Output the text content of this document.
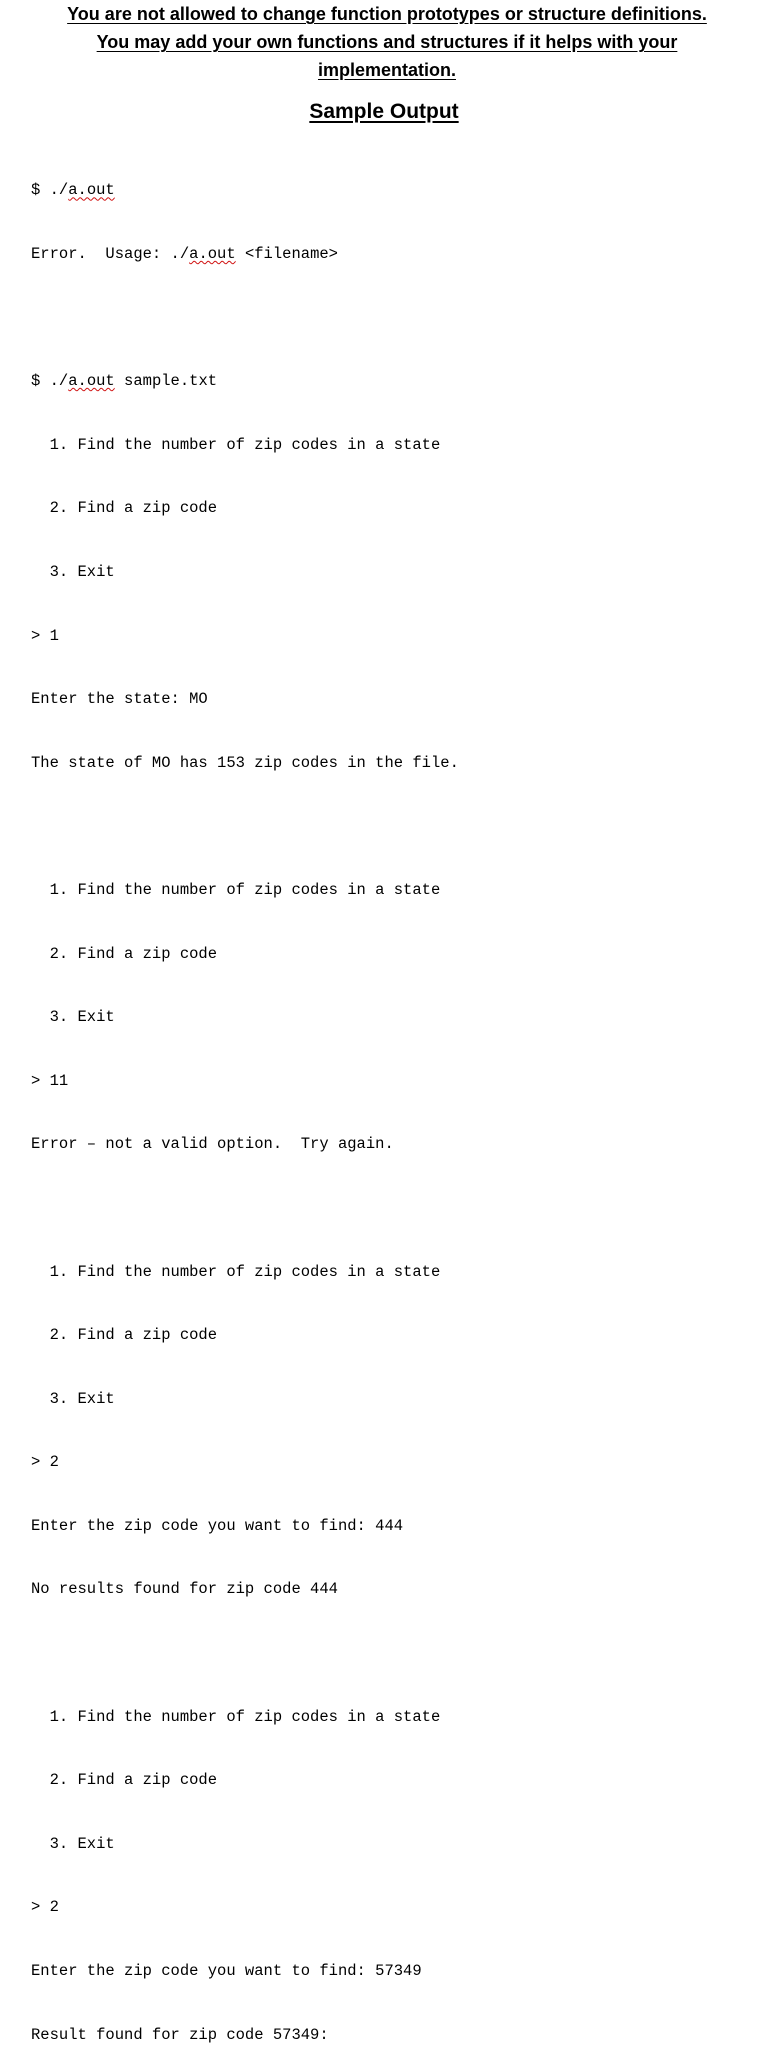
You are not allowed to change function prototypes or structure definitions.
You may add your own functions and structures if it helps with your
implementation.
Sample Output

$ ./a.out

Error.  Usage: ./a.out <filename>

$ ./a.out sample.txt

1. Find the number of zip codes in a state

2. Find a zip code

3. Exit

> 1

Enter the state: MO

The state of MO has 153 zip codes in the file.

1. Find the number of zip codes in a state

2. Find a zip code

3. Exit

> 11

Error – not a valid option.  Try again.

1. Find the number of zip codes in a state

2. Find a zip code

3. Exit

> 2

Enter the zip code you want to find: 444

No results found for zip code 444

1. Find the number of zip codes in a state

2. Find a zip code

3. Exit

> 2

Enter the zip code you want to find: 57349

Result found for zip code 57349:
